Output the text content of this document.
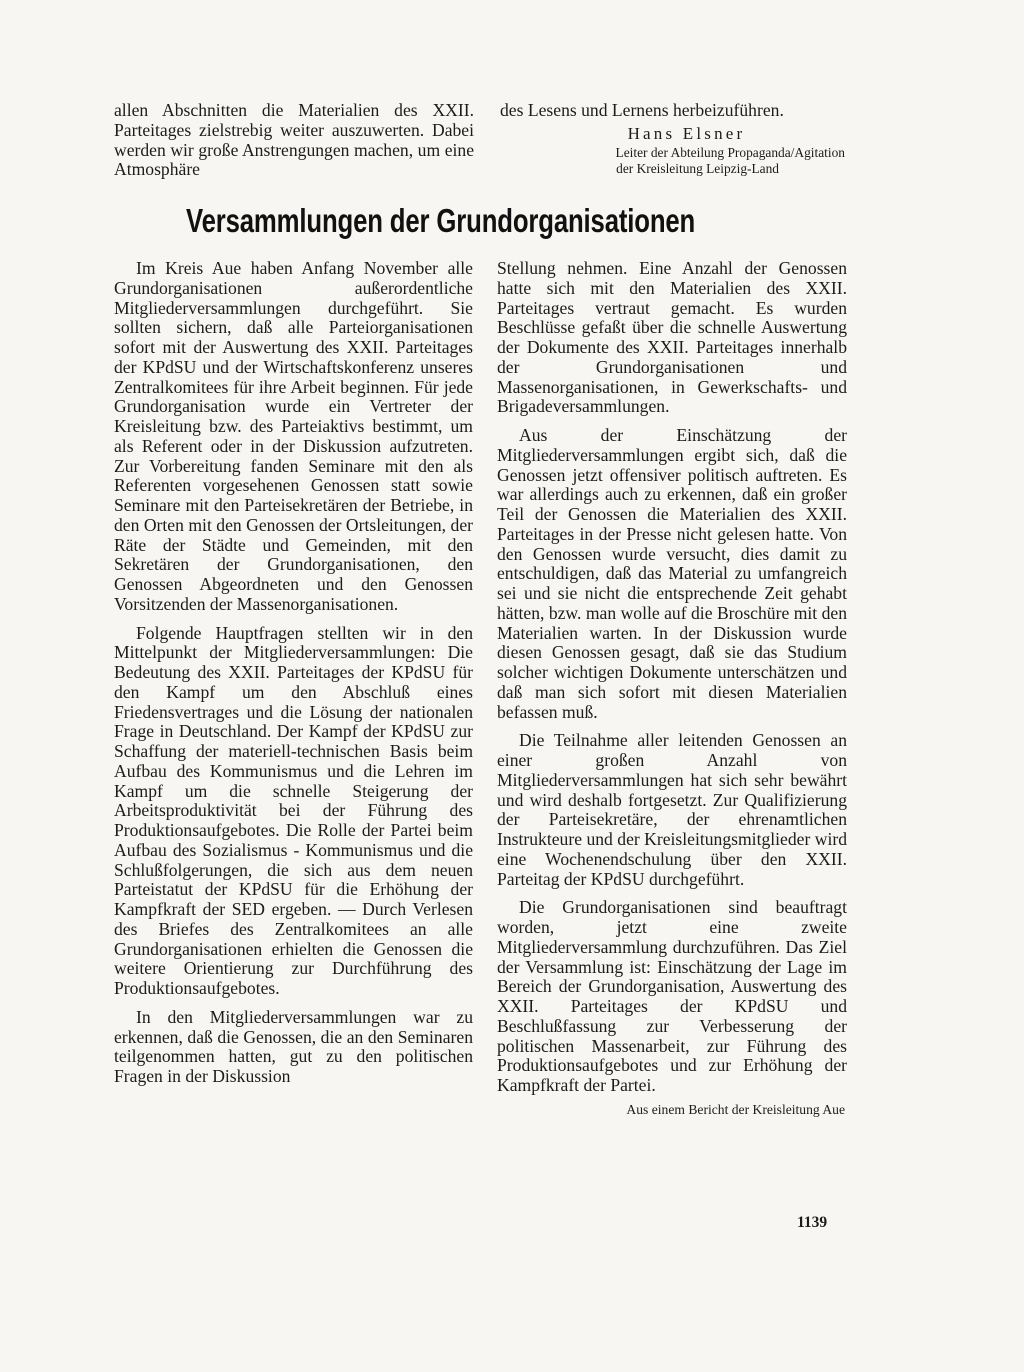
allen Abschnitten die Materialien des XXII. Parteitages zielstrebig weiter auszuwerten. Dabei werden wir große Anstrengungen machen, um eine Atmosphäre

des Lesens und Lernens herbeizuführen.

Hans Elsner
Leiter der Abteilung Propaganda/Agitation
der Kreisleitung Leipzig-Land
Versammlungen der Grundorganisationen

Im Kreis Aue haben Anfang November alle Grundorganisationen außerordentliche Mitgliederversammlungen durchgeführt. Sie sollten sichern, daß alle Parteiorganisationen sofort mit der Auswertung des XXII. Parteitages der KPdSU und der Wirtschaftskonferenz unseres Zentralkomitees für ihre Arbeit beginnen. Für jede Grundorganisation wurde ein Vertreter der Kreisleitung bzw. des Parteiaktivs bestimmt, um als Referent oder in der Diskussion aufzutreten. Zur Vorbereitung fanden Seminare mit den als Referenten vorgesehenen Genossen statt sowie Seminare mit den Parteisekretären der Betriebe, in den Orten mit den Genossen der Ortsleitungen, der Räte der Städte und Gemeinden, mit den Sekretären der Grundorganisationen, den Genossen Abgeordneten und den Genossen Vorsitzenden der Massenorganisationen.

Folgende Hauptfragen stellten wir in den Mittelpunkt der Mitgliederversammlungen: Die Bedeutung des XXII. Parteitages der KPdSU für den Kampf um den Abschluß eines Friedensvertrages und die Lösung der nationalen Frage in Deutschland. Der Kampf der KPdSU zur Schaffung der materiell-technischen Basis beim Aufbau des Kommunismus und die Lehren im Kampf um die schnelle Steigerung der Arbeitsproduktivität bei der Führung des Produktionsaufgebotes. Die Rolle der Partei beim Aufbau des Sozialismus - Kommunismus und die Schlußfolgerungen, die sich aus dem neuen Parteistatut der KPdSU für die Erhöhung der Kampfkraft der SED ergeben. — Durch Verlesen des Briefes des Zentralkomitees an alle Grundorganisationen erhielten die Genossen die weitere Orientierung zur Durchführung des Produktionsaufgebotes.

In den Mitgliederversammlungen war zu erkennen, daß die Genossen, die an den Seminaren teilgenommen hatten, gut zu den politischen Fragen in der Diskussion

Stellung nehmen. Eine Anzahl der Genossen hatte sich mit den Materialien des XXII. Parteitages vertraut gemacht. Es wurden Beschlüsse gefaßt über die schnelle Auswertung der Dokumente des XXII. Parteitages innerhalb der Grundorganisationen und Massenorganisationen, in Gewerkschafts- und Brigadeversammlungen.

Aus der Einschätzung der Mitgliederversammlungen ergibt sich, daß die Genossen jetzt offensiver politisch auftreten. Es war allerdings auch zu erkennen, daß ein großer Teil der Genossen die Materialien des XXII. Parteitages in der Presse nicht gelesen hatte. Von den Genossen wurde versucht, dies damit zu entschuldigen, daß das Material zu umfangreich sei und sie nicht die entsprechende Zeit gehabt hätten, bzw. man wolle auf die Broschüre mit den Materialien warten. In der Diskussion wurde diesen Genossen gesagt, daß sie das Studium solcher wichtigen Dokumente unterschätzen und daß man sich sofort mit diesen Materialien befassen muß.

Die Teilnahme aller leitenden Genossen an einer großen Anzahl von Mitgliederversammlungen hat sich sehr bewährt und wird deshalb fortgesetzt. Zur Qualifizierung der Parteisekretäre, der ehrenamtlichen Instrukteure und der Kreisleitungsmitglieder wird eine Wochenendschulung über den XXII. Parteitag der KPdSU durchgeführt.

Die Grundorganisationen sind beauftragt worden, jetzt eine zweite Mitgliederversammlung durchzuführen. Das Ziel der Versammlung ist: Einschätzung der Lage im Bereich der Grundorganisation, Auswertung des XXII. Parteitages der KPdSU und Beschlußfassung zur Verbesserung der politischen Massenarbeit, zur Führung des Produktionsaufgebotes und zur Erhöhung der Kampfkraft der Partei.

Aus einem Bericht der Kreisleitung Aue
1139
